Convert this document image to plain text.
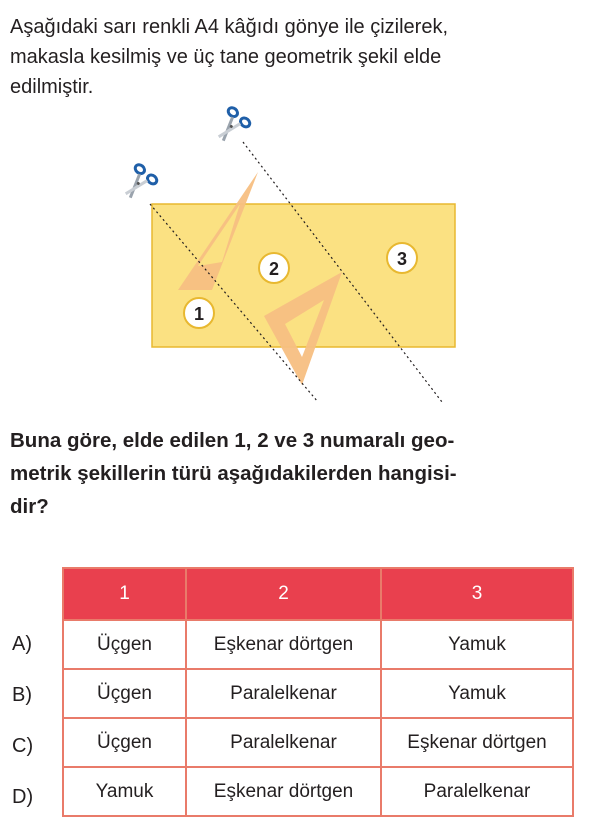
Aşağıdaki sarı renkli A4 kâğıdı gönye ile çizilerek,
makasla kesilmiş ve üç tane geometrik şekil elde
edilmiştir.
1
2	3
Buna göre, elde edilen 1, 2 ve 3 numaralı geo-
metrik şekillerin türü aşağıdakilerden hangisi-
dir?
A)
B)
C)
D)
1	2	3
Üçgen	Eşkenar dörtgen	Yamuk
Üçgen	Paralelkenar	Yamuk
Üçgen	Paralelkenar	Eşkenar dörtgen
Yamuk	Eşkenar dörtgen	Paralelkenar
